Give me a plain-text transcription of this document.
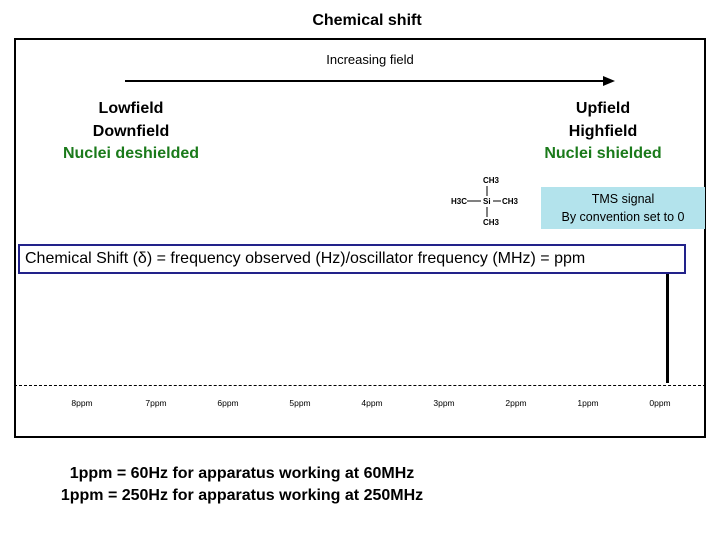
Chemical shift
Increasing field
Lowfield
Downfield
Nuclei deshielded
Upfield
Highfield
Nuclei shielded
CH3
H3C Si CH3
CH3
TMS signal
By convention set to 0
Chemical Shift (δ) = frequency observed (Hz)/oscillator frequency (MHz) = ppm
8ppm	7ppm	6ppm	5ppm	4ppm	3ppm	2ppm	1ppm	0ppm
1ppm = 60Hz for apparatus working at 60MHz
1ppm = 250Hz for apparatus working at 250MHz
